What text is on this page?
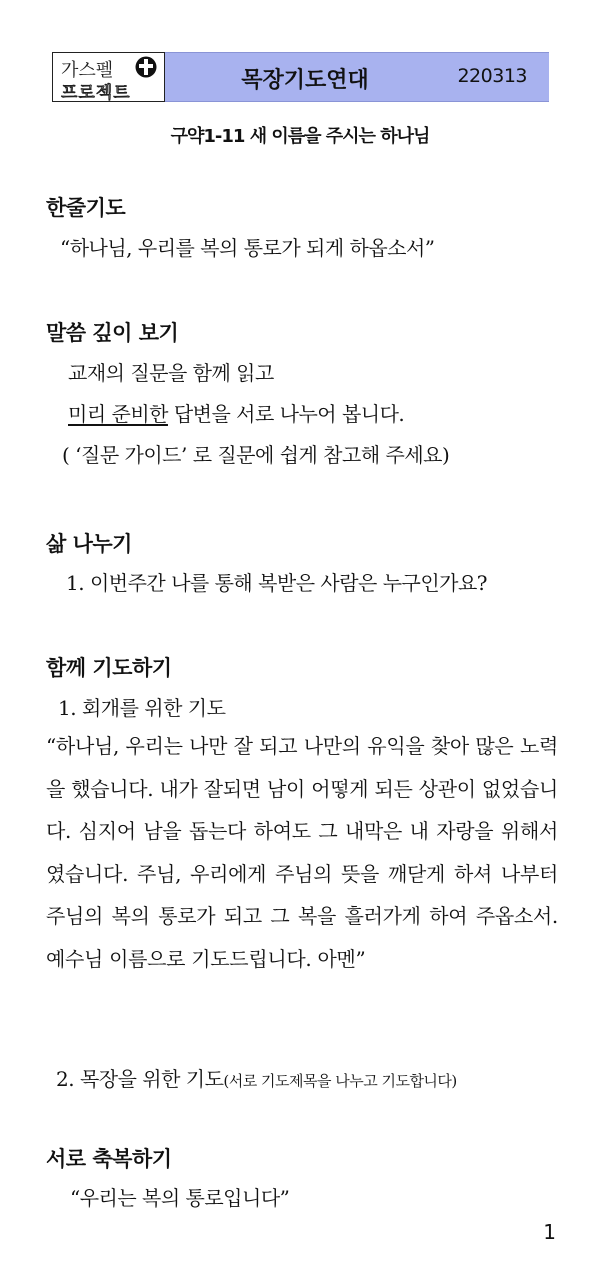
가스펠
프로젝트	목장기도연대	220313
구약1-11 새 이름을 주시는 하나님
한줄기도
“하나님, 우리를 복의 통로가 되게 하옵소서”
말씀 깊이 보기
교재의 질문을 함께 읽고
미리 준비한 답변을 서로 나누어 봅니다.
( ‘질문 가이드’ 로 질문에 쉽게 참고해 주세요)
삶 나누기
1. 이번주간 나를 통해 복받은 사람은 누구인가요?
함께 기도하기
1. 회개를 위한 기도
“하나님, 우리는 나만 잘 되고 나만의 유익을 찾아 많은 노력을 했습니다. 내가 잘되면 남이 어떻게 되든 상관이 없었습니다. 심지어 남을 돕는다 하여도 그 내막은 내 자랑을 위해서 였습니다. 주님, 우리에게 주님의 뜻을 깨닫게 하셔 나부터 주님의 복의 통로가 되고 그 복을 흘러가게 하여 주옵소서. 예수님 이름으로 기도드립니다. 아멘”
2. 목장을 위한 기도(서로 기도제목을 나누고 기도합니다)
서로 축복하기
“우리는 복의 통로입니다”
1
